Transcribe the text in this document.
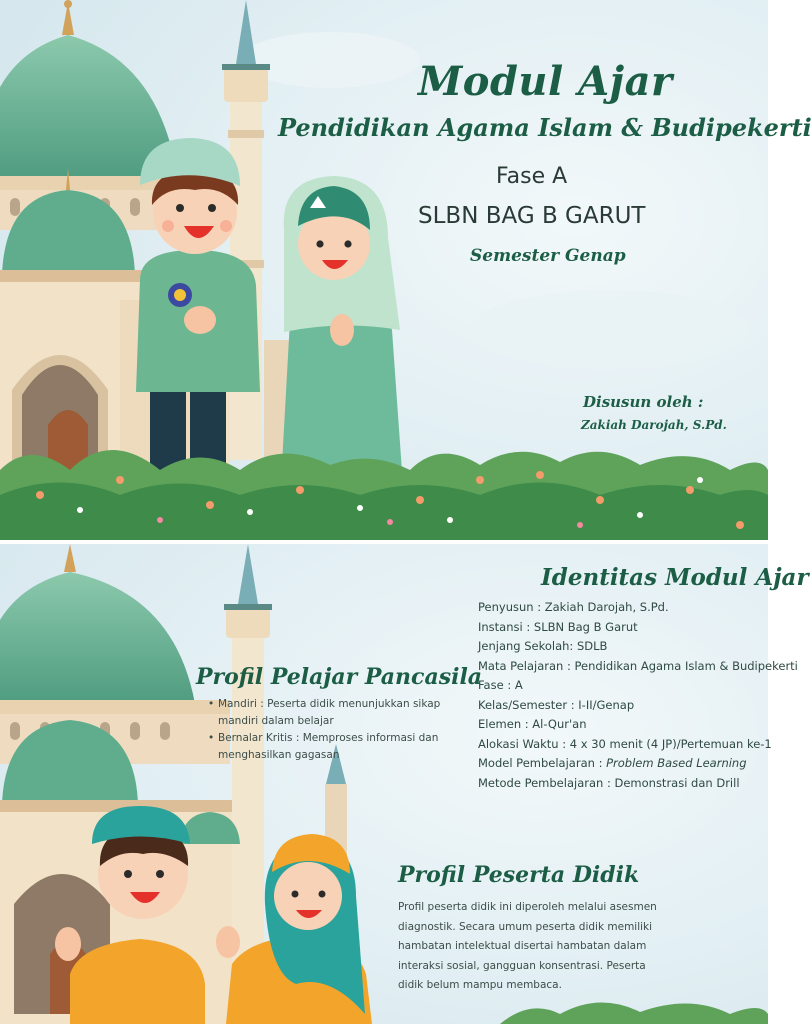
Modul Ajar
Pendidikan Agama Islam & Budipekerti
Fase A
SLBN BAG B GARUT
Semester Genap
Disusun oleh :
Zakiah Darojah, S.Pd.
Identitas Modul Ajar
Penyusun : Zakiah Darojah, S.Pd.
Instansi : SLBN Bag B Garut
Jenjang Sekolah: SDLB
Mata Pelajaran : Pendidikan Agama Islam & Budipekerti
Fase : A
Kelas/Semester : I-II/Genap
Elemen : Al-Qur'an
Alokasi Waktu : 4 x 30 menit (4 JP)/Pertemuan ke-1
Model Pembelajaran : Problem Based Learning
Metode Pembelajaran : Demonstrasi dan Drill
Profil Pelajar Pancasila
• Mandiri : Peserta didik menunjukkan sikap mandiri dalam belajar
• Bernalar Kritis : Memproses informasi dan menghasilkan gagasan
Profil Peserta Didik
Profil peserta didik ini diperoleh melalui asesmen diagnostik. Secara umum peserta didik memiliki hambatan intelektual disertai hambatan dalam interaksi sosial, gangguan konsentrasi. Peserta didik belum mampu membaca.
